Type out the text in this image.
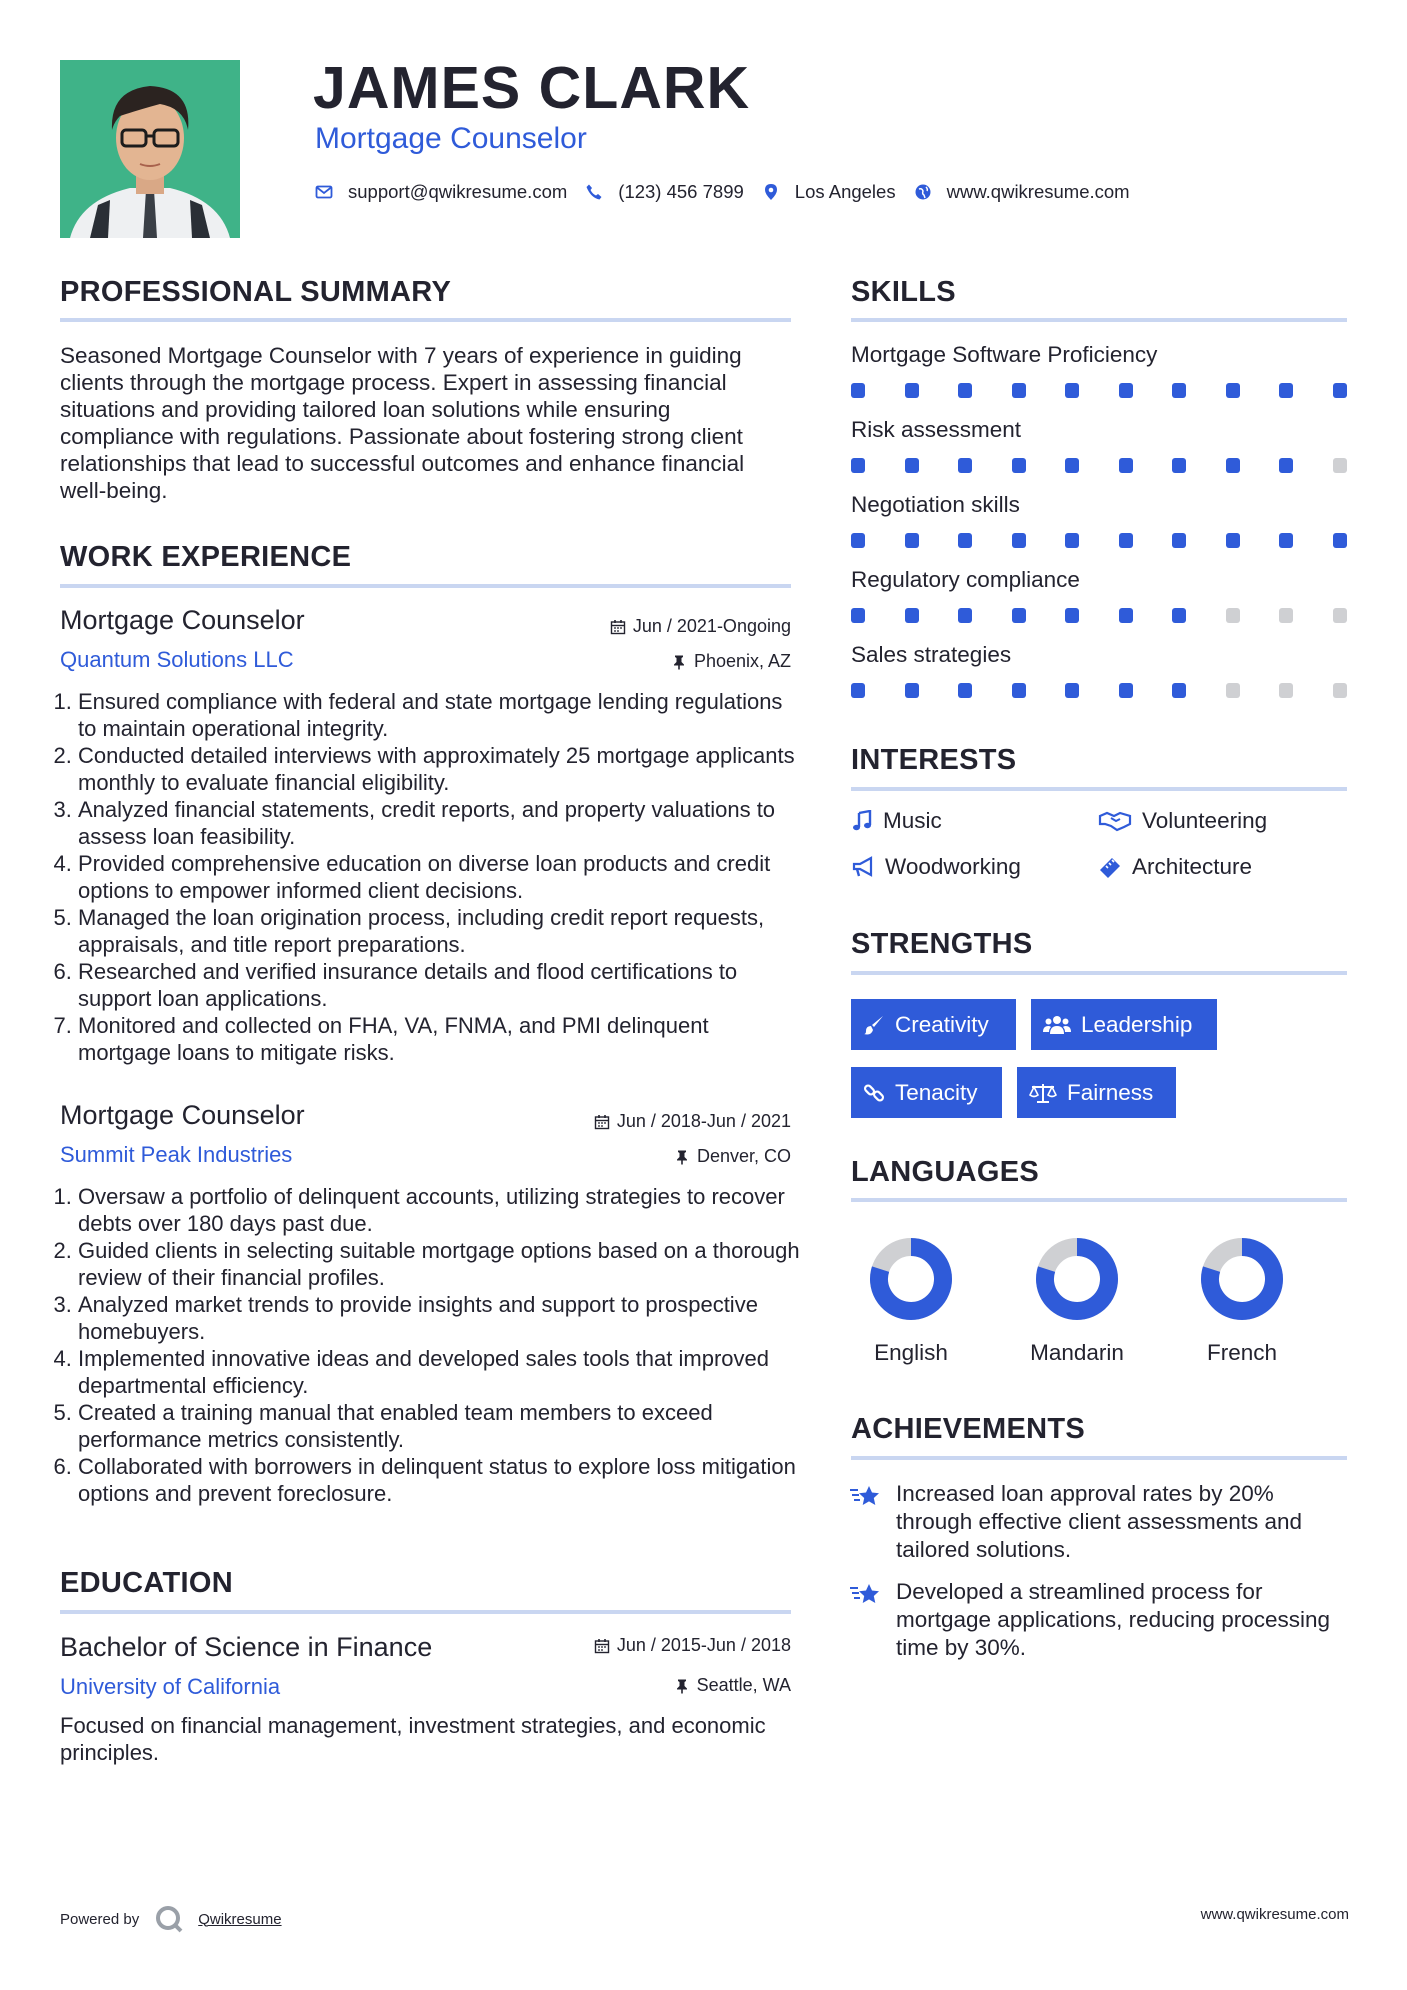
JAMES CLARK
Mortgage Counselor
support@qwikresume.com	(123) 456 7899	Los Angeles	www.qwikresume.com
PROFESSIONAL SUMMARY
Seasoned Mortgage Counselor with 7 years of experience in guiding clients through the mortgage process. Expert in assessing financial situations and providing tailored loan solutions while ensuring compliance with regulations. Passionate about fostering strong client relationships that lead to successful outcomes and enhance financial well-being.
WORK EXPERIENCE
Mortgage Counselor	Jun / 2021-Ongoing
Quantum Solutions LLC	Phoenix, AZ
1. Ensured compliance with federal and state mortgage lending regulations to maintain operational integrity.
2. Conducted detailed interviews with approximately 25 mortgage applicants monthly to evaluate financial eligibility.
3. Analyzed financial statements, credit reports, and property valuations to assess loan feasibility.
4. Provided comprehensive education on diverse loan products and credit options to empower informed client decisions.
5. Managed the loan origination process, including credit report requests, appraisals, and title report preparations.
6. Researched and verified insurance details and flood certifications to support loan applications.
7. Monitored and collected on FHA, VA, FNMA, and PMI delinquent mortgage loans to mitigate risks.
Mortgage Counselor	Jun / 2018-Jun / 2021
Summit Peak Industries	Denver, CO
1. Oversaw a portfolio of delinquent accounts, utilizing strategies to recover debts over 180 days past due.
2. Guided clients in selecting suitable mortgage options based on a thorough review of their financial profiles.
3. Analyzed market trends to provide insights and support to prospective homebuyers.
4. Implemented innovative ideas and developed sales tools that improved departmental efficiency.
5. Created a training manual that enabled team members to exceed performance metrics consistently.
6. Collaborated with borrowers in delinquent status to explore loss mitigation options and prevent foreclosure.
EDUCATION
Bachelor of Science in Finance	Jun / 2015-Jun / 2018
University of California	Seattle, WA
Focused on financial management, investment strategies, and economic principles.
SKILLS
Mortgage Software Proficiency
Risk assessment
Negotiation skills
Regulatory compliance
Sales strategies
INTERESTS
Music	Volunteering
Woodworking	Architecture
STRENGTHS
Creativity	Leadership
Tenacity	Fairness
LANGUAGES
English	Mandarin	French
ACHIEVEMENTS
Increased loan approval rates by 20% through effective client assessments and tailored solutions.
Developed a streamlined process for mortgage applications, reducing processing time by 30%.
Powered by	Qwikresume	www.qwikresume.com
